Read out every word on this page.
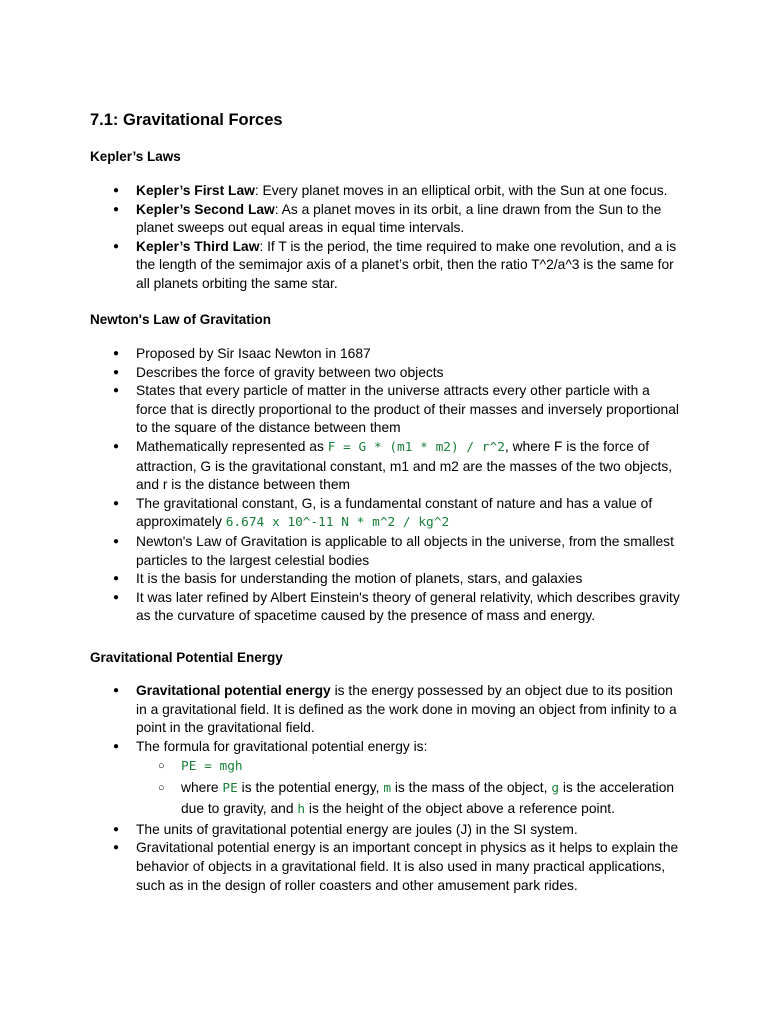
7.1: Gravitational Forces
Kepler’s Laws
● Kepler’s First Law: Every planet moves in an elliptical orbit, with the Sun at one focus.
● Kepler’s Second Law: As a planet moves in its orbit, a line drawn from the Sun to the planet sweeps out equal areas in equal time intervals.
● Kepler’s Third Law: If T is the period, the time required to make one revolution, and a is the length of the semimajor axis of a planet’s orbit, then the ratio T^2/a^3 is the same for all planets orbiting the same star.
Newton's Law of Gravitation
● Proposed by Sir Isaac Newton in 1687
● Describes the force of gravity between two objects
● States that every particle of matter in the universe attracts every other particle with a force that is directly proportional to the product of their masses and inversely proportional to the square of the distance between them
● Mathematically represented as F = G * (m1 * m2) / r^2, where F is the force of attraction, G is the gravitational constant, m1 and m2 are the masses of the two objects, and r is the distance between them
● The gravitational constant, G, is a fundamental constant of nature and has a value of approximately 6.674 x 10^-11 N * m^2 / kg^2
● Newton's Law of Gravitation is applicable to all objects in the universe, from the smallest particles to the largest celestial bodies
● It is the basis for understanding the motion of planets, stars, and galaxies
● It was later refined by Albert Einstein's theory of general relativity, which describes gravity as the curvature of spacetime caused by the presence of mass and energy.
Gravitational Potential Energy
● Gravitational potential energy is the energy possessed by an object due to its position in a gravitational field. It is defined as the work done in moving an object from infinity to a point in the gravitational field.
● The formula for gravitational potential energy is:
○ PE = mgh
○ where PE is the potential energy, m is the mass of the object, g is the acceleration due to gravity, and h is the height of the object above a reference point.
● The units of gravitational potential energy are joules (J) in the SI system.
● Gravitational potential energy is an important concept in physics as it helps to explain the behavior of objects in a gravitational field. It is also used in many practical applications, such as in the design of roller coasters and other amusement park rides.
